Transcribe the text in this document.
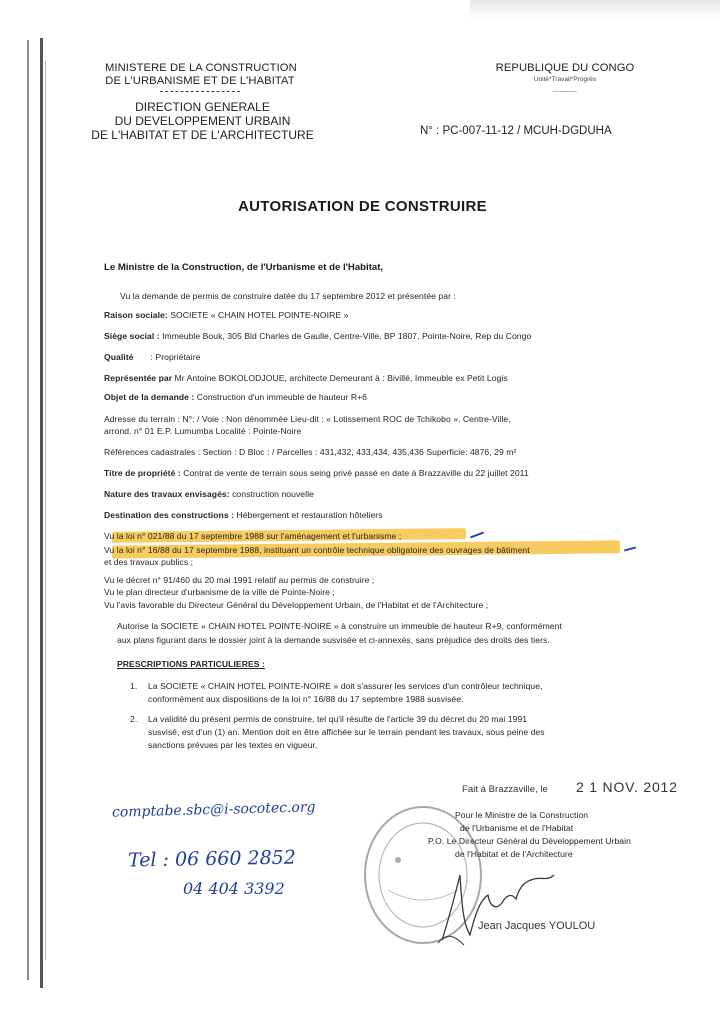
MINISTERE DE LA CONSTRUCTION
DE L'URBANISME ET DE L'HABITAT
DIRECTION GENERALE
DU DEVELOPPEMENT URBAIN
DE L'HABITAT ET DE L'ARCHITECTURE
REPUBLIQUE DU CONGO
Unité*Travail*Progrès
-----------
N° : PC-007-11-12 / MCUH-DGDUHA
AUTORISATION DE CONSTRUIRE
Le Ministre de la Construction, de l'Urbanisme et de l'Habitat,
Vu la demande de permis de construire datée du 17 septembre 2012 et présentée par :
Raison sociale: SOCIETE « CHAIN HOTEL POINTE-NOIRE »
Siège social : Immeuble Bouk, 305 Bld Charles de Gaulle, Centre-Ville, BP 1807, Pointe-Noire, Rep du Congo
Qualité       : Propriétaire
Représentée par Mr Antoine BOKOLODJOUE, architecte Demeurant à : Bivillé, Immeuble ex Petit Logis
Objet de la demande : Construction d'un immeuble de hauteur R+6
Adresse du terrain : N°: / Voie : Non dénommée Lieu-dit : « Lotissement ROC de Tchikobo », Centre-Ville,
arrond. n° 01 E.P. Lumumba Localité : Pointe-Noire
Références cadastrales : Section : D Bloc : / Parcelles : 431,432, 433,434, 435,436 Superficie: 4876, 29 m²
Titre de propriété : Contrat de vente de terrain sous seing privé passé en date à Brazzaville du 22 juillet 2011
Nature des travaux envisagés: construction nouvelle
Destination des constructions : Hébergement et restauration hôteliers
Vu la loi n° 021/88 du 17 septembre 1988 sur l'aménagement et l'urbanisme ;
Vu la loi n° 16/88 du 17 septembre 1988, instituant un contrôle technique obligatoire des ouvrages de bâtiment
et des travaux publics ;
Vu le décret n° 91/460 du 20 mai 1991 relatif au permis de construire ;
Vu le plan directeur d'urbanisme de la ville de Pointe-Noire ;
Vu l'avis favorable du Directeur Général du Développement Urbain, de l'Habitat et de l'Architecture ;
Autorise la SOCIETE « CHAIN HOTEL POINTE-NOIRE » à construire un immeuble de hauteur R+9, conformément
aux plans figurant dans le dossier joint à la demande susvisée et ci-annexés, sans préjudice des droits des tiers.
PRESCRIPTIONS PARTICULIERES :
1. La SOCIETE « CHAIN HOTEL POINTE-NOIRE » doit s'assurer les services d'un contrôleur technique,
conformément aux dispositions de la loi n° 16/88 du 17 septembre 1988 susvisée.
2. La validité du présent permis de construire, tel qu'il résulte de l'article 39 du décret du 20 mai 1991
susvisé, est d'un (1) an. Mention doit en être affichée sur le terrain pendant les travaux, sous peine des
sanctions prévues par les textes en vigueur.
Fait à Brazzaville, le 2 1 NOV. 2012
Pour le Ministre de la Construction
de l'Urbanisme et de l'Habitat
P.O. Le Directeur Général du Développement Urbain
de l'Habitat et de l'Architecture
Jean Jacques YOULOU
comptabe.sbc@i-socotec.org
Tel : 06 660 2852
04 404 3392
